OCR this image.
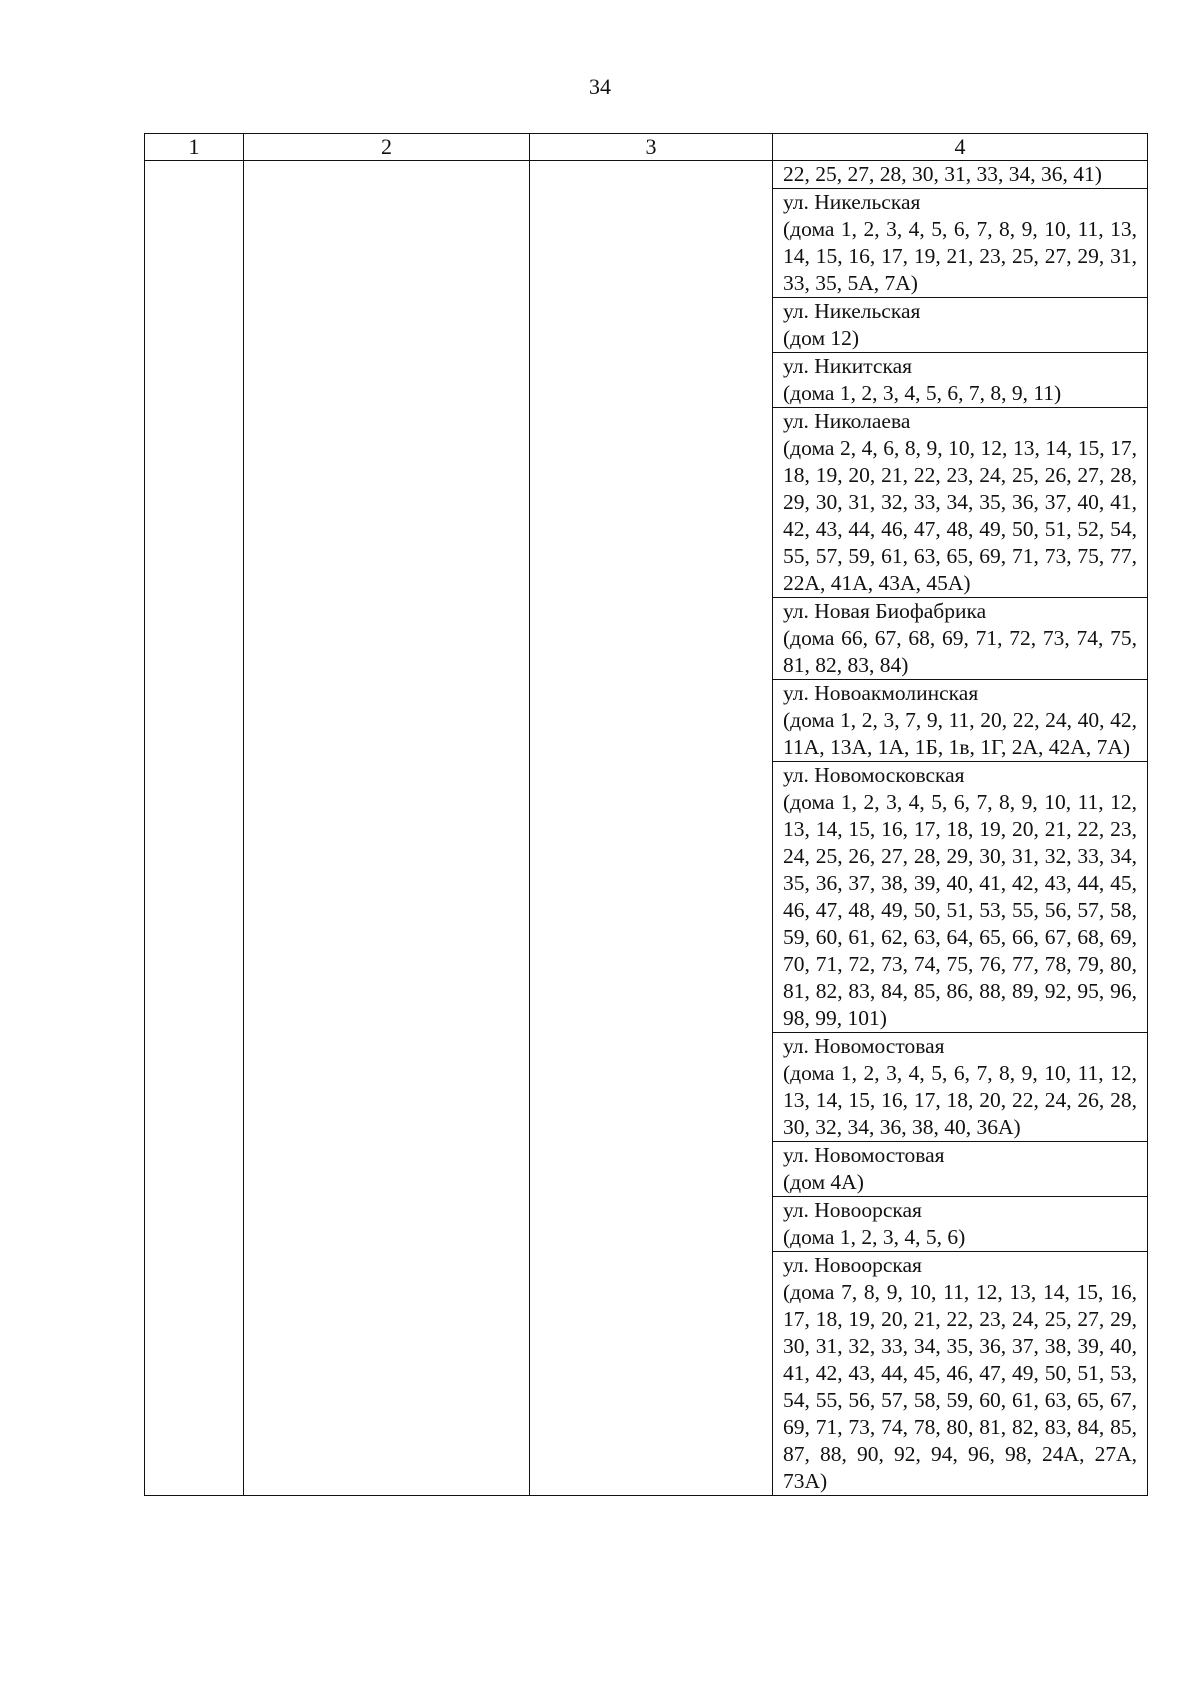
34
1	2	3	4

			22, 25, 27, 28, 30, 31, 33, 34, 36, 41)

			ул. Никельская
(дома 1, 2, 3, 4, 5, 6, 7, 8, 9, 10, 11, 13, 14, 15, 16, 17, 19, 21, 23, 25, 27, 29, 31, 33, 35, 5А, 7А)

			ул. Никельская
(дом 12)

			ул. Никитская
(дома 1, 2, 3, 4, 5, 6, 7, 8, 9, 11)

			ул. Николаева
(дома 2, 4, 6, 8, 9, 10, 12, 13, 14, 15, 17, 18, 19, 20, 21, 22, 23, 24, 25, 26, 27, 28, 29, 30, 31, 32, 33, 34, 35, 36, 37, 40, 41, 42, 43, 44, 46, 47, 48, 49, 50, 51, 52, 54, 55, 57, 59, 61, 63, 65, 69, 71, 73, 75, 77, 22А, 41А, 43А, 45А)

			ул. Новая Биофабрика
(дома 66, 67, 68, 69, 71, 72, 73, 74, 75, 81, 82, 83, 84)

			ул. Новоакмолинская
(дома 1, 2, 3, 7, 9, 11, 20, 22, 24, 40, 42, 11А, 13А, 1А, 1Б, 1в, 1Г, 2А, 42А, 7А)

			ул. Новомосковская
(дома 1, 2, 3, 4, 5, 6, 7, 8, 9, 10, 11, 12, 13, 14, 15, 16, 17, 18, 19, 20, 21, 22, 23, 24, 25, 26, 27, 28, 29, 30, 31, 32, 33, 34, 35, 36, 37, 38, 39, 40, 41, 42, 43, 44, 45, 46, 47, 48, 49, 50, 51, 53, 55, 56, 57, 58, 59, 60, 61, 62, 63, 64, 65, 66, 67, 68, 69, 70, 71, 72, 73, 74, 75, 76, 77, 78, 79, 80, 81, 82, 83, 84, 85, 86, 88, 89, 92, 95, 96, 98, 99, 101)

			ул. Новомостовая
(дома 1, 2, 3, 4, 5, 6, 7, 8, 9, 10, 11, 12, 13, 14, 15, 16, 17, 18, 20, 22, 24, 26, 28, 30, 32, 34, 36, 38, 40, 36А)

			ул. Новомостовая
(дом 4А)

			ул. Новоорская
(дома 1, 2, 3, 4, 5, 6)

			ул. Новоорская
(дома 7, 8, 9, 10, 11, 12, 13, 14, 15, 16, 17, 18, 19, 20, 21, 22, 23, 24, 25, 27, 29, 30, 31, 32, 33, 34, 35, 36, 37, 38, 39, 40, 41, 42, 43, 44, 45, 46, 47, 49, 50, 51, 53, 54, 55, 56, 57, 58, 59, 60, 61, 63, 65, 67, 69, 71, 73, 74, 78, 80, 81, 82, 83, 84, 85, 87, 88, 90, 92, 94, 96, 98, 24А, 27А, 73А)
